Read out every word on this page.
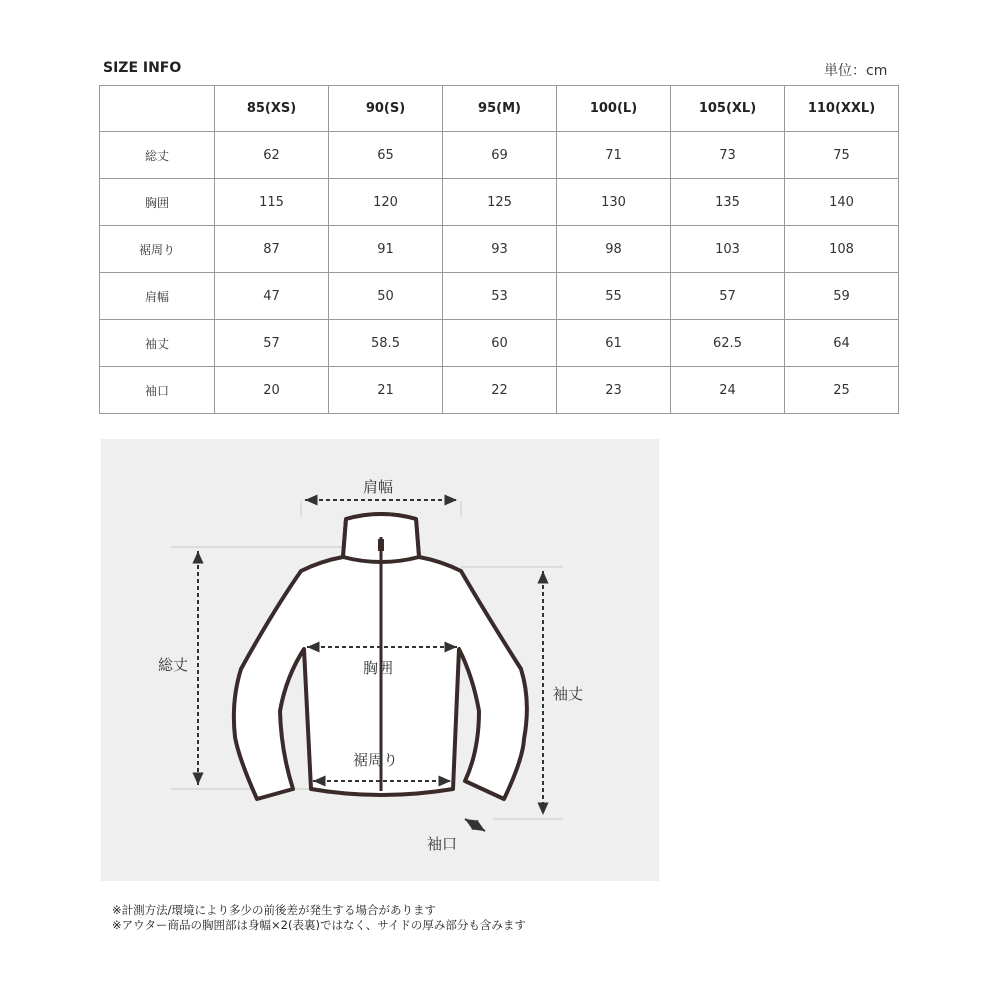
SIZE INFO	単位：cm
	85(XS)	90(S)	95(M)	100(L)	105(XL)	110(XXL)
総丈	62	65	69	71	73	75
胸囲	115	120	125	130	135	140
裾周り	87	91	93	98	103	108
肩幅	47	50	53	55	57	59
袖丈	57	58.5	60	61	62.5	64
袖口	20	21	22	23	24	25
肩幅
総丈	胸囲
袖丈
裾周り
袖口
※計測方法/環境により多少の前後差が発生する場合があります
※アウター商品の胸囲部は身幅×2(表裏)ではなく、サイドの厚み部分も含みます
